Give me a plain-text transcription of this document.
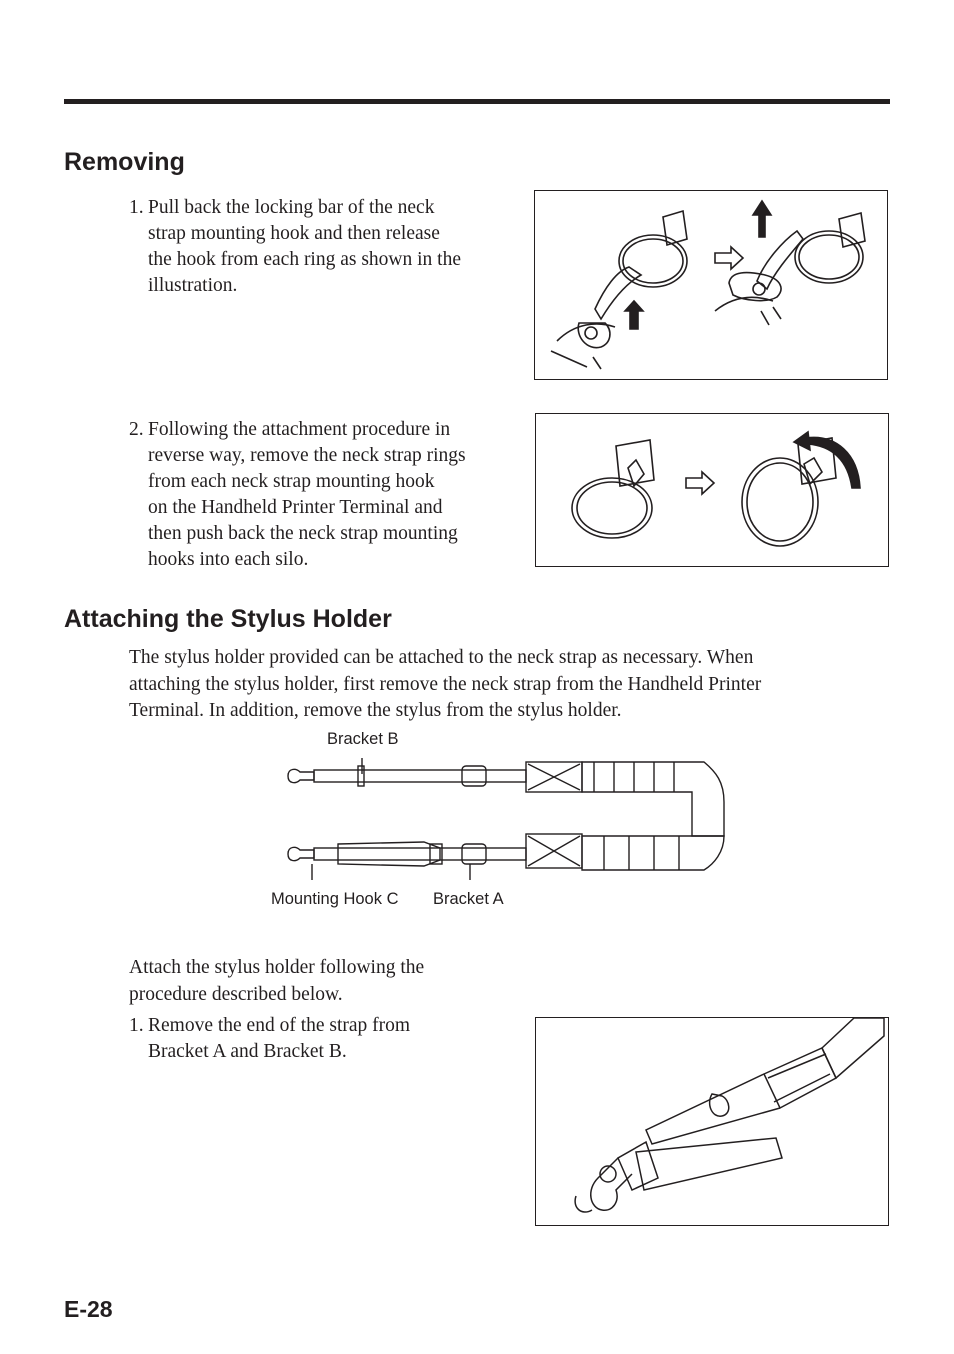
Removing
1. Pull back the locking bar of the neck
strap mounting hook and then release
the hook from each ring as shown in the
illustration.
2. Following the attachment procedure in
reverse way, remove the neck strap rings
from each neck strap mounting hook
on the Handheld Printer Terminal and
then push back the neck strap mounting
hooks into each silo.
Attaching the Stylus Holder

The stylus holder provided can be attached to the neck strap as necessary. When
attaching the stylus holder, first remove the neck strap from the Handheld Printer
Terminal. In addition, remove the stylus from the stylus holder.

Bracket B
Mounting Hook C Bracket A

Attach the stylus holder following the
procedure described below.

1. Remove the end of the strap from
Bracket A and Bracket B.
E-28
